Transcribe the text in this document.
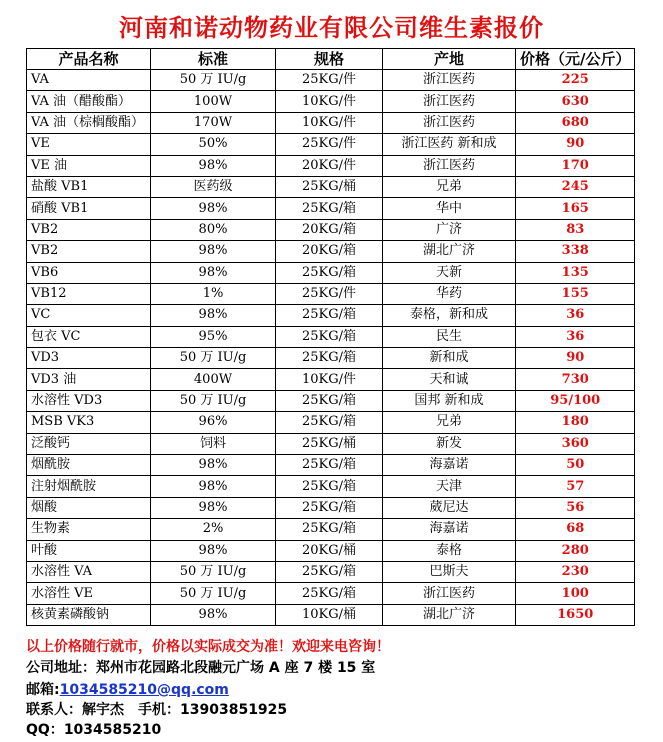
河南和诺动物药业有限公司维生素报价
产品名称	标准	规格	产地	价格（元/公斤）
VA	50 万 IU/g	25KG/件	浙江医药	225
VA 油（醋酸酯）	100W	10KG/件	浙江医药	630
VA 油（棕榈酸酯）	170W	10KG/件	浙江医药	680
VE	50%	25KG/件	浙江医药 新和成	90
VE 油	98%	20KG/件	浙江医药	170
盐酸 VB1	医药级	25KG/桶	兄弟	245
硝酸 VB1	98%	25KG/箱	华中	165
VB2	80%	20KG/箱	广济	83
VB2	98%	20KG/箱	湖北广济	338
VB6	98%	25KG/箱	天新	135
VB12	1%	25KG/件	华药	155
VC	98%	25KG/箱	泰格，新和成	36
包衣 VC	95%	25KG/箱	民生	36
VD3	50 万 IU/g	25KG/箱	新和成	90
VD3 油	400W	10KG/件	天和诚	730
水溶性 VD3	50 万 IU/g	25KG/箱	国邦 新和成	95/100
MSB VK3	96%	25KG/箱	兄弟	180
泛酸钙	饲料	25KG/桶	新发	360
烟酰胺	98%	25KG/箱	海嘉诺	50
注射烟酰胺	98%	25KG/箱	天津	57
烟酸	98%	25KG/箱	葳尼达	56
生物素	2%	25KG/箱	海嘉诺	68
叶酸	98%	20KG/桶	泰格	280
水溶性 VA	50 万 IU/g	25KG/箱	巴斯夫	230
水溶性 VE	50 万 IU/g	25KG/箱	浙江医药	100
核黄素磷酸钠	98%	10KG/桶	湖北广济	1650
以上价格随行就市，价格以实际成交为准！欢迎来电咨询！
公司地址：郑州市花园路北段融元广场 A 座 7 楼 15 室
邮箱:1034585210@qq.com
联系人：解宇杰 手机：13903851925
QQ：1034585210
